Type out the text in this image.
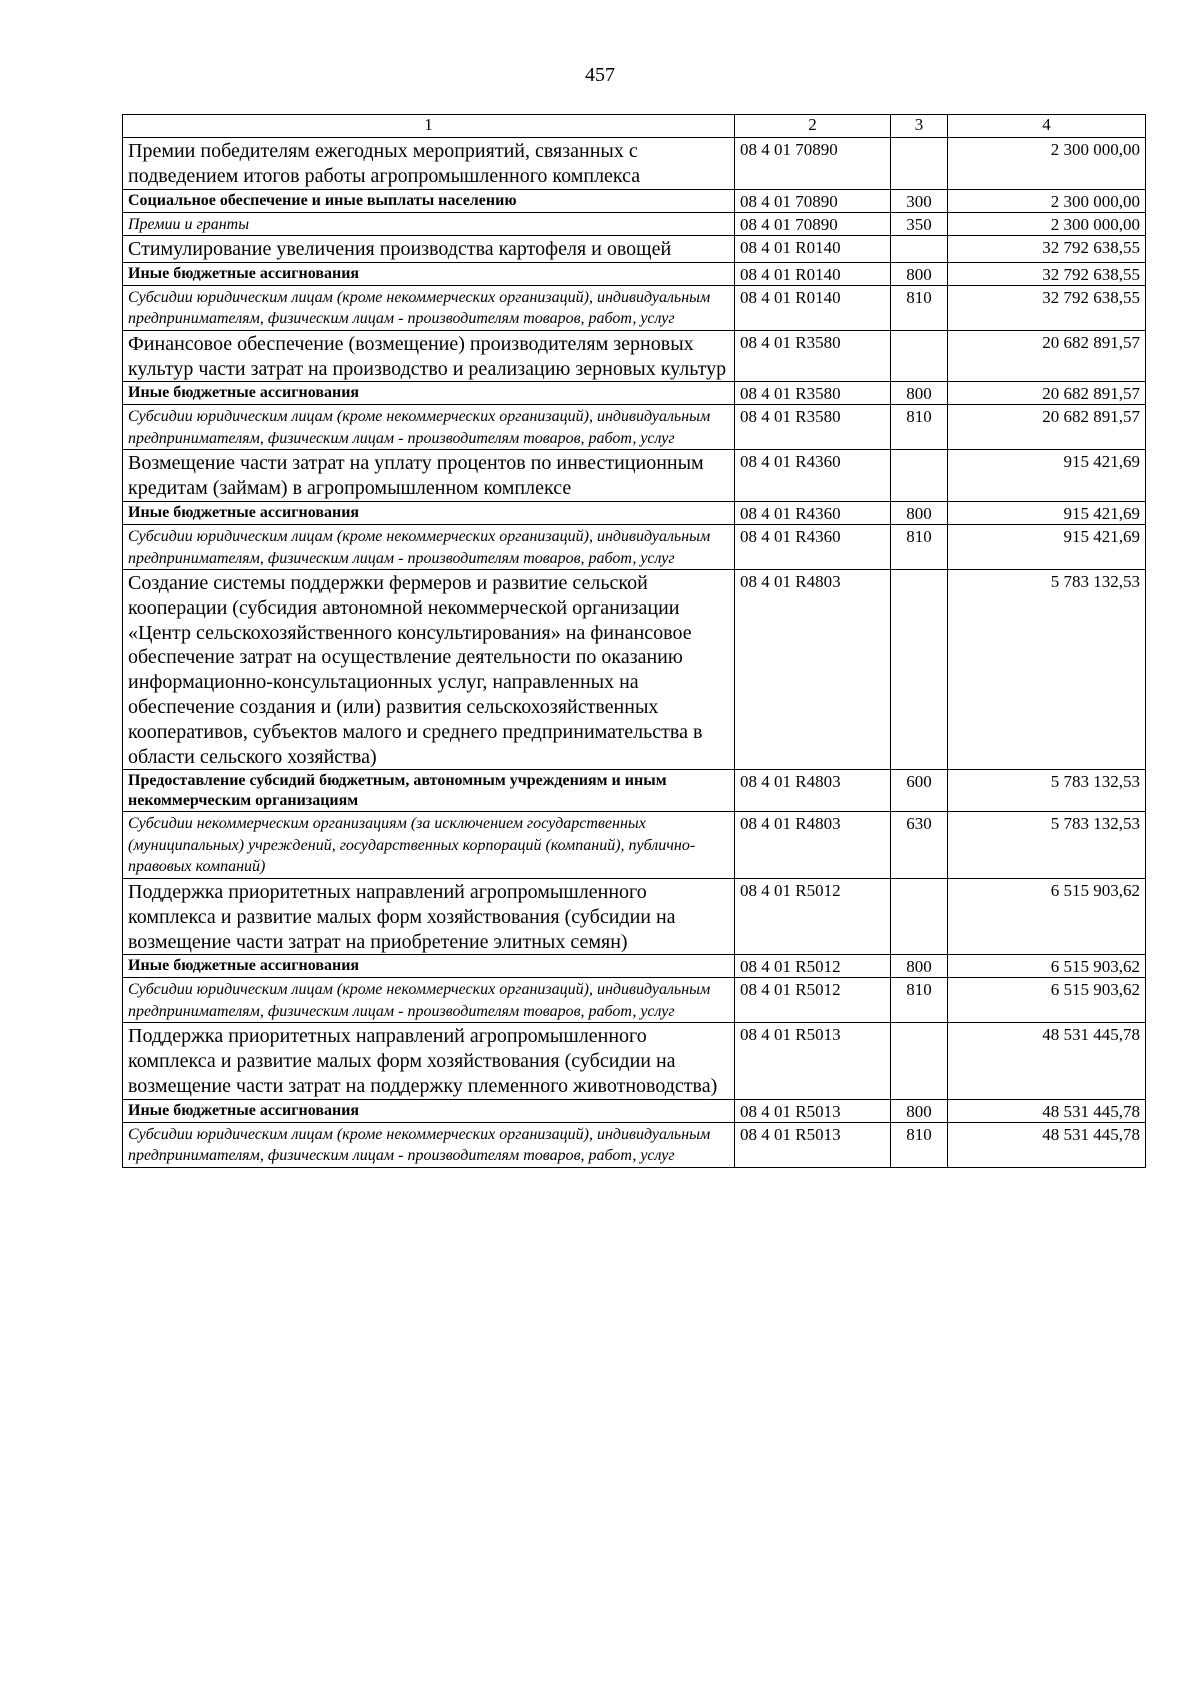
457
1	2	3	4
Премии победителям ежегодных мероприятий, связанных с подведением итогов работы агропромышленного комплекса	08 4 01 70890		2 300 000,00
Социальное обеспечение и иные выплаты населению	08 4 01 70890	300	2 300 000,00
Премии и гранты	08 4 01 70890	350	2 300 000,00
Стимулирование увеличения производства картофеля и овощей	08 4 01 R0140		32 792 638,55
Иные бюджетные ассигнования	08 4 01 R0140	800	32 792 638,55
Субсидии юридическим лицам (кроме некоммерческих организаций), индивидуальным предпринимателям, физическим лицам - производителям товаров, работ, услуг	08 4 01 R0140	810	32 792 638,55
Финансовое обеспечение (возмещение) производителям зерновых культур части затрат на производство и реализацию зерновых культур	08 4 01 R3580		20 682 891,57
Иные бюджетные ассигнования	08 4 01 R3580	800	20 682 891,57
Субсидии юридическим лицам (кроме некоммерческих организаций), индивидуальным предпринимателям, физическим лицам - производителям товаров, работ, услуг	08 4 01 R3580	810	20 682 891,57
Возмещение части затрат на уплату процентов по инвестиционным кредитам (займам) в агропромышленном комплексе	08 4 01 R4360		915 421,69
Иные бюджетные ассигнования	08 4 01 R4360	800	915 421,69
Субсидии юридическим лицам (кроме некоммерческих организаций), индивидуальным предпринимателям, физическим лицам - производителям товаров, работ, услуг	08 4 01 R4360	810	915 421,69
Создание системы поддержки фермеров и развитие сельской кооперации (субсидия автономной некоммерческой организации «Центр сельскохозяйственного консультирования» на финансовое обеспечение затрат на осуществление деятельности по оказанию информационно-консультационных услуг, направленных на обеспечение создания и (или) развития сельскохозяйственных кооперативов, субъектов малого и среднего предпринимательства в области сельского хозяйства)	08 4 01 R4803		5 783 132,53
Предоставление субсидий бюджетным, автономным учреждениям и иным некоммерческим организациям	08 4 01 R4803	600	5 783 132,53
Субсидии некоммерческим организациям (за исключением государственных (муниципальных) учреждений, государственных корпораций (компаний), публично-правовых компаний)	08 4 01 R4803	630	5 783 132,53
Поддержка приоритетных направлений агропромышленного комплекса и развитие малых форм хозяйствования (субсидии на возмещение части затрат на приобретение элитных семян)	08 4 01 R5012		6 515 903,62
Иные бюджетные ассигнования	08 4 01 R5012	800	6 515 903,62
Субсидии юридическим лицам (кроме некоммерческих организаций), индивидуальным предпринимателям, физическим лицам - производителям товаров, работ, услуг	08 4 01 R5012	810	6 515 903,62
Поддержка приоритетных направлений агропромышленного комплекса и развитие малых форм хозяйствования (субсидии на возмещение части затрат на поддержку племенного животноводства)	08 4 01 R5013		48 531 445,78
Иные бюджетные ассигнования	08 4 01 R5013	800	48 531 445,78
Субсидии юридическим лицам (кроме некоммерческих организаций), индивидуальным предпринимателям, физическим лицам - производителям товаров, работ, услуг	08 4 01 R5013	810	48 531 445,78
